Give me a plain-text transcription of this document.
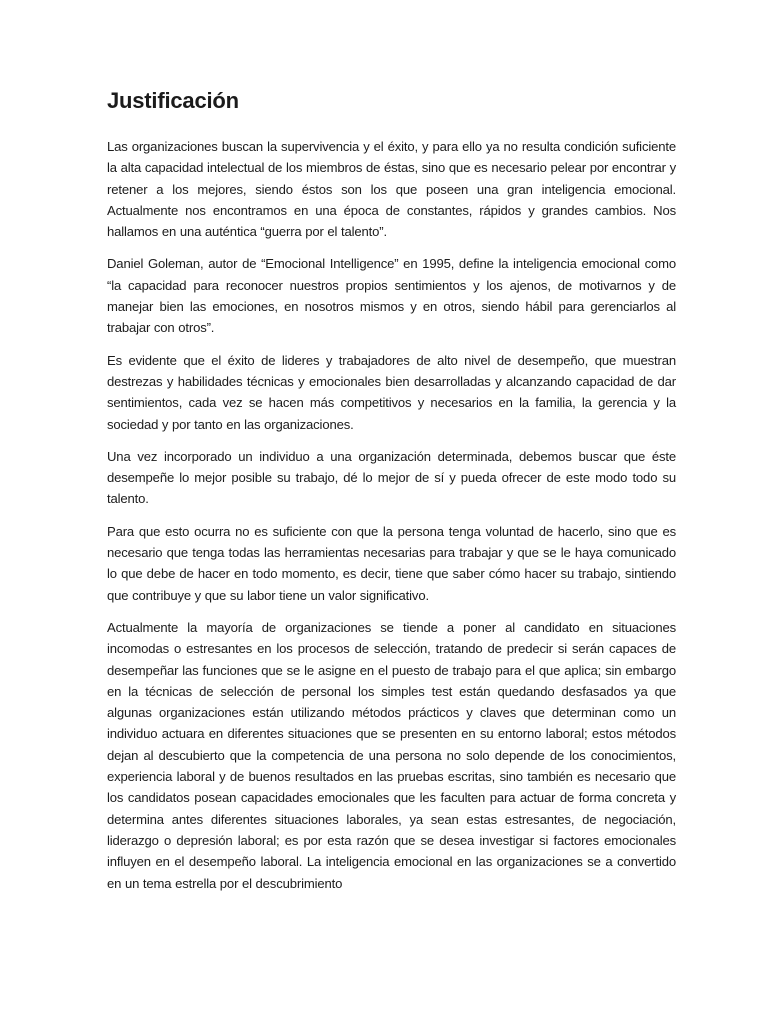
Justificación

Las organizaciones buscan la supervivencia y el éxito, y para ello ya no resulta condición suficiente la alta capacidad intelectual de los miembros de éstas, sino que es necesario pelear por encontrar y retener a los mejores, siendo éstos son los que poseen una gran inteligencia emocional. Actualmente nos encontramos en una época de constantes, rápidos y grandes cambios. Nos hallamos en una auténtica “guerra por el talento”.

Daniel Goleman, autor de “Emocional Intelligence” en 1995, define la inteligencia emocional como “la capacidad para reconocer nuestros propios sentimientos y los ajenos, de motivarnos y de manejar bien las emociones, en nosotros mismos y en otros, siendo hábil para gerenciarlos al trabajar con otros”.

Es evidente que el éxito de lideres y trabajadores de alto nivel de desempeño, que muestran destrezas y habilidades técnicas y emocionales bien desarrolladas y alcanzando capacidad de dar sentimientos, cada vez se hacen más competitivos y necesarios en la familia, la gerencia y la sociedad y por tanto en las organizaciones.

Una vez incorporado un individuo a una organización determinada, debemos buscar que éste desempeñe lo mejor posible su trabajo, dé lo mejor de sí y pueda ofrecer de este modo todo su talento.

Para que esto ocurra no es suficiente con que la persona tenga voluntad de hacerlo, sino que es necesario que tenga todas las herramientas necesarias para trabajar y que se le haya comunicado lo que debe de hacer en todo momento, es decir, tiene que saber cómo hacer su trabajo, sintiendo que contribuye y que su labor tiene un valor significativo.

Actualmente la mayoría de organizaciones se tiende a poner al candidato en situaciones incomodas o estresantes en los procesos de selección, tratando de predecir si serán capaces de desempeñar las funciones que se le asigne en el puesto de trabajo para el que aplica; sin embargo en la técnicas de selección de personal los simples test están quedando desfasados ya que algunas organizaciones están utilizando métodos prácticos y claves que determinan como un individuo actuara en diferentes situaciones que se presenten en su entorno laboral; estos métodos dejan al descubierto que la competencia de una persona no solo depende de los conocimientos, experiencia laboral y de buenos resultados en las pruebas escritas, sino también es necesario que los candidatos posean capacidades emocionales que les faculten para actuar de forma concreta y determina antes diferentes situaciones laborales, ya sean estas estresantes, de negociación, liderazgo o depresión laboral; es por esta razón que se desea investigar si factores emocionales influyen en el desempeño laboral. La inteligencia emocional en las organizaciones se a convertido en un tema estrella por el descubrimiento
